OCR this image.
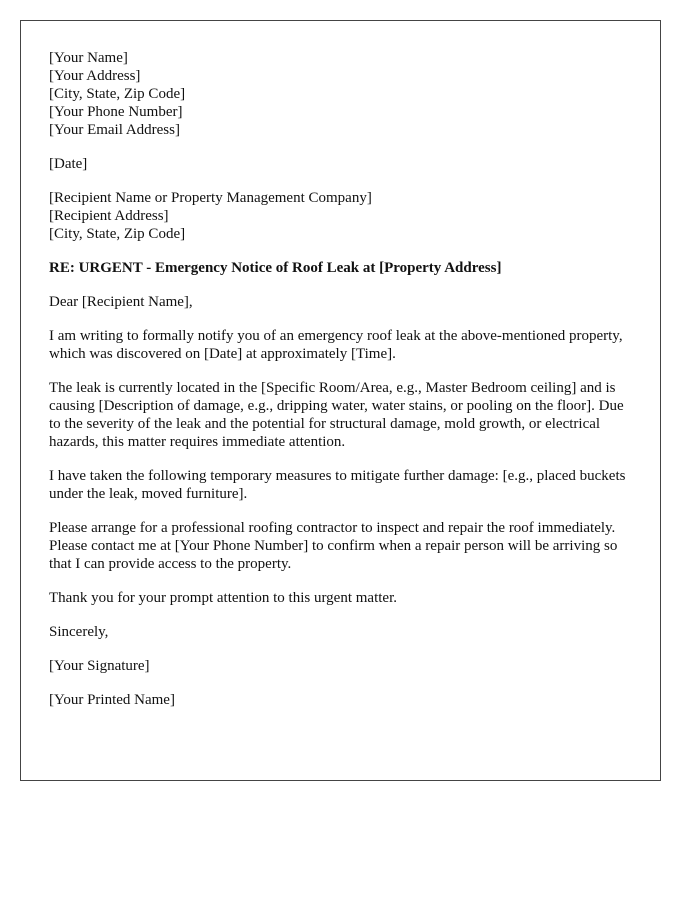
[Your Name]
[Your Address]
[City, State, Zip Code]
[Your Phone Number]
[Your Email Address]

[Date]

[Recipient Name or Property Management Company]
[Recipient Address]
[City, State, Zip Code]

RE: URGENT - Emergency Notice of Roof Leak at [Property Address]

Dear [Recipient Name],

I am writing to formally notify you of an emergency roof leak at the above-mentioned property, which was discovered on [Date] at approximately [Time].

The leak is currently located in the [Specific Room/Area, e.g., Master Bedroom ceiling] and is causing [Description of damage, e.g., dripping water, water stains, or pooling on the floor]. Due to the severity of the leak and the potential for structural damage, mold growth, or electrical hazards, this matter requires immediate attention.

I have taken the following temporary measures to mitigate further damage: [e.g., placed buckets under the leak, moved furniture].

Please arrange for a professional roofing contractor to inspect and repair the roof immediately. Please contact me at [Your Phone Number] to confirm when a repair person will be arriving so that I can provide access to the property.

Thank you for your prompt attention to this urgent matter.

Sincerely,

[Your Signature]

[Your Printed Name]
